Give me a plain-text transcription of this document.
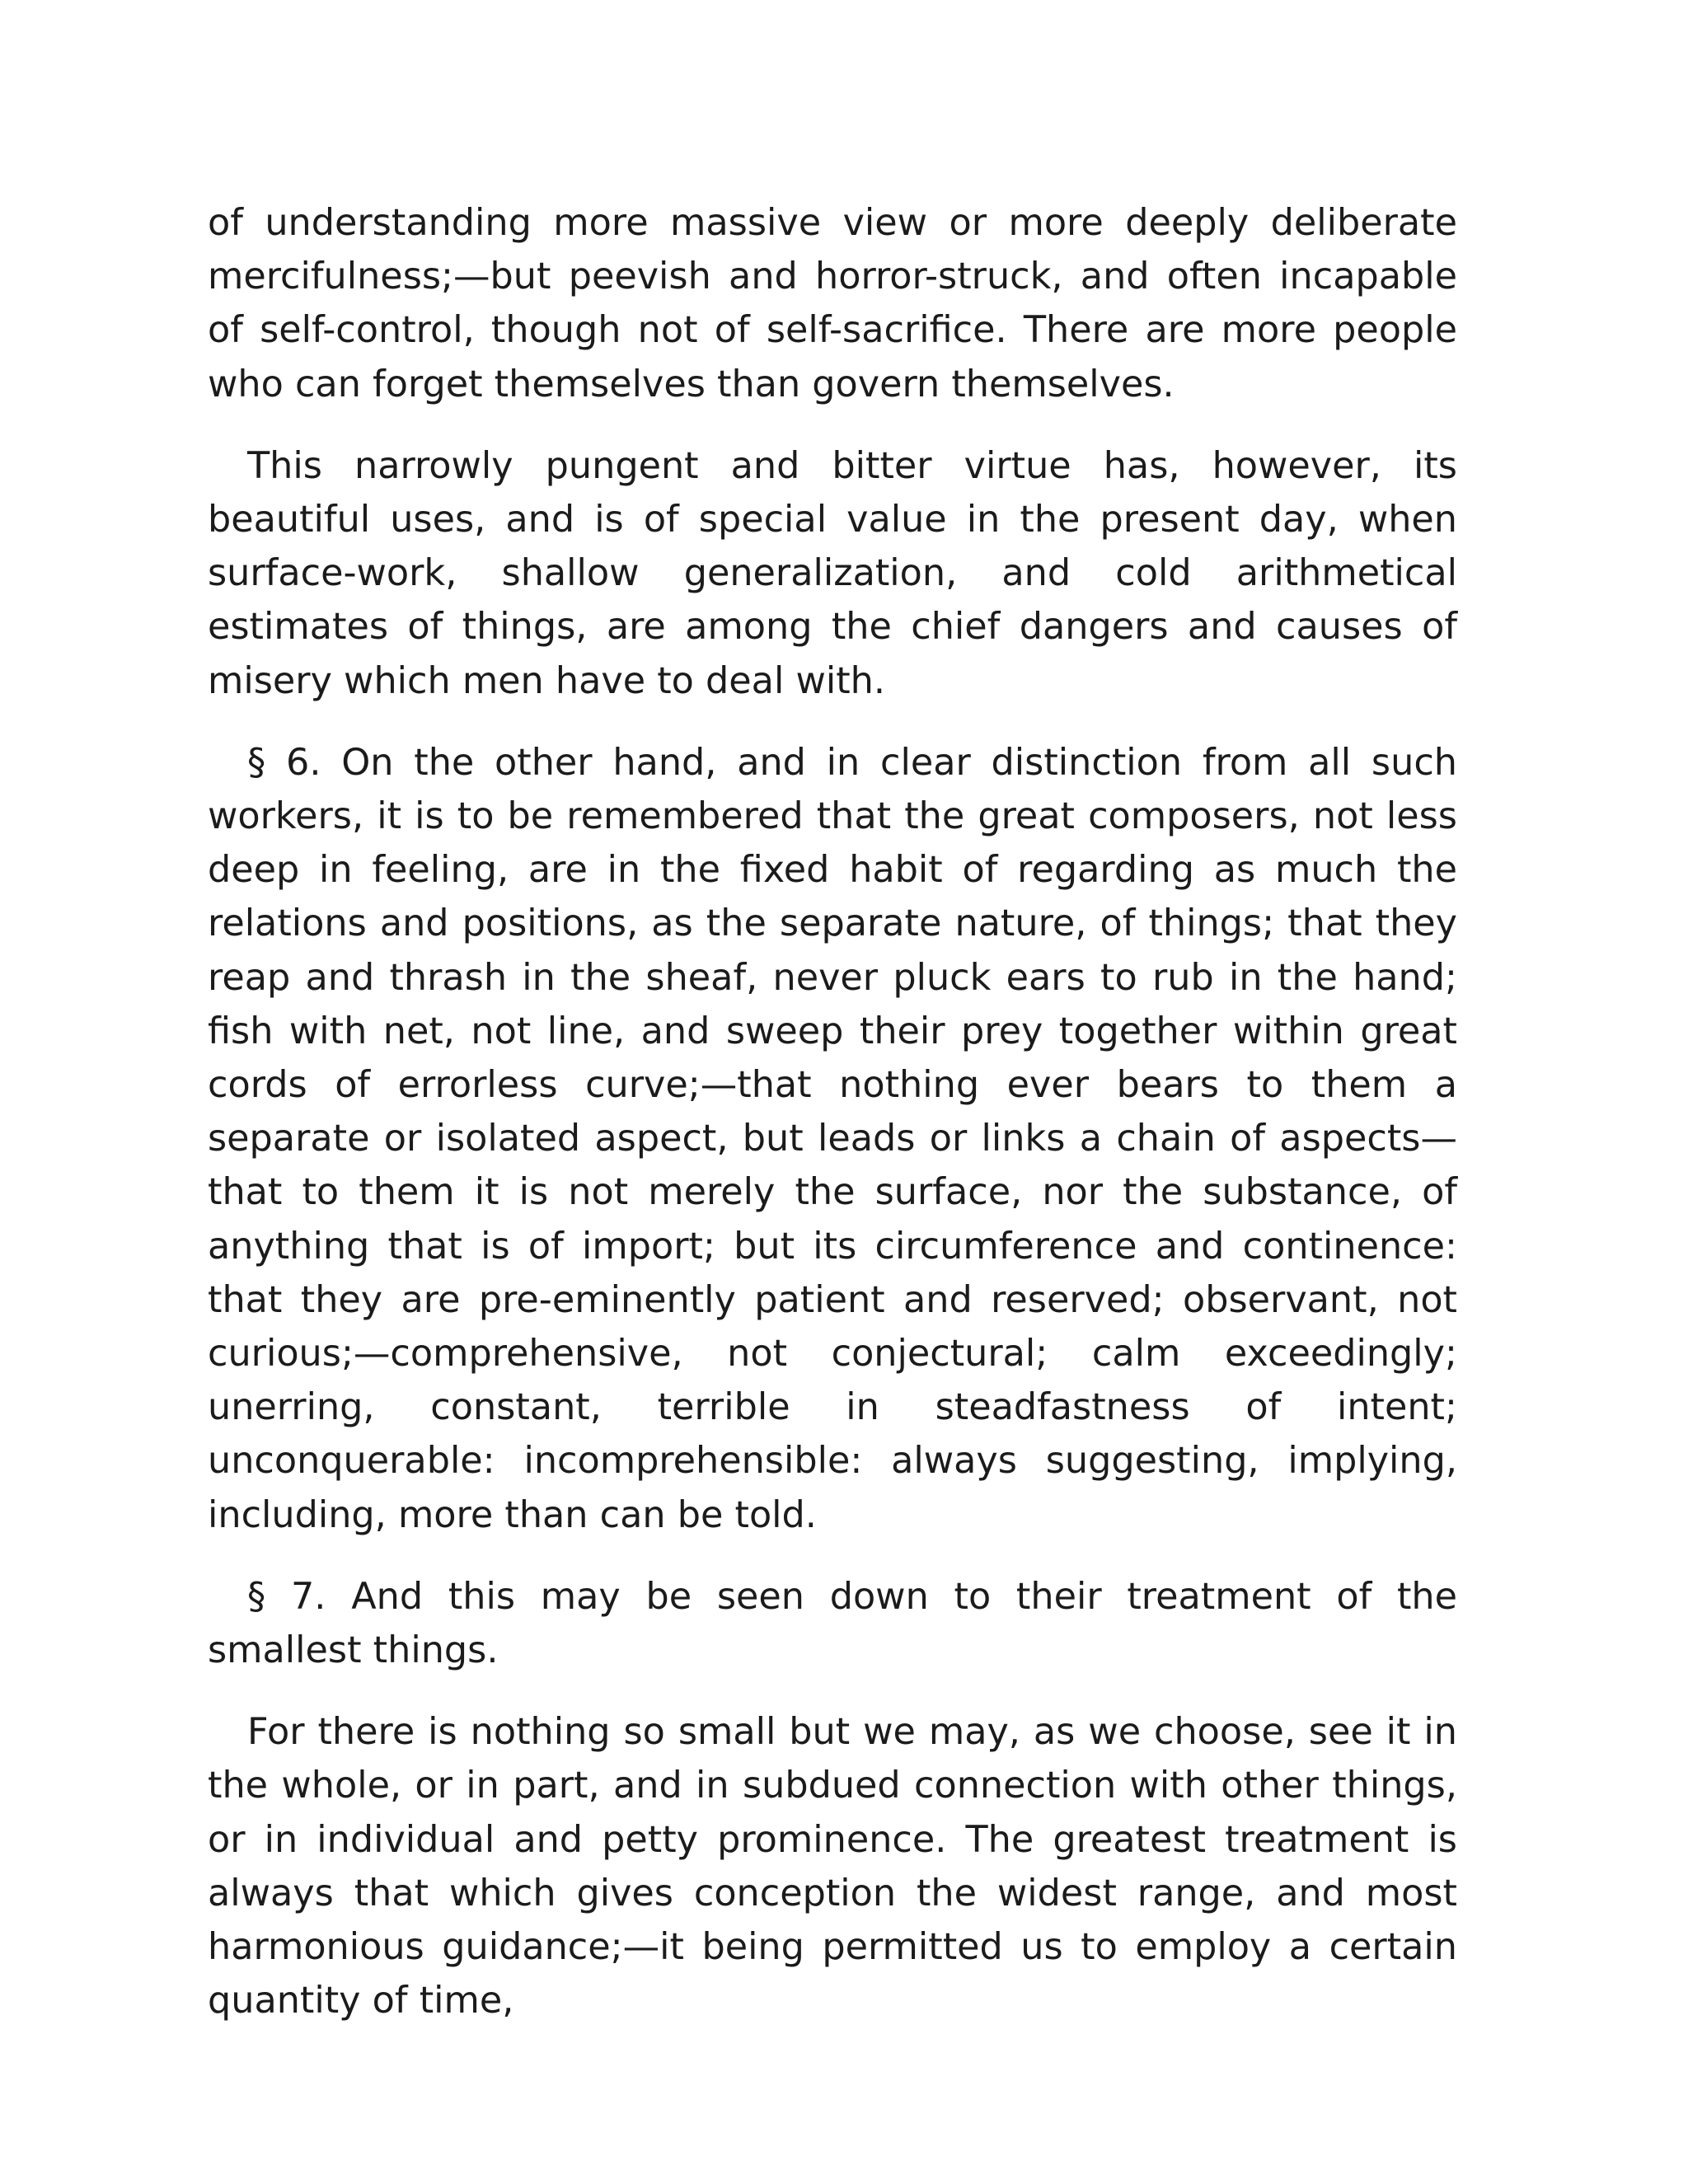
of understanding more massive view or more deeply deliberate mercifulness;—but peevish and horror-struck, and often incapable of self-control, though not of self-sacrifice. There are more people who can forget themselves than govern themselves.

This narrowly pungent and bitter virtue has, however, its beautiful uses, and is of special value in the present day, when surface-work, shallow generalization, and cold arithmetical estimates of things, are among the chief dangers and causes of misery which men have to deal with.

§ 6. On the other hand, and in clear distinction from all such workers, it is to be remembered that the great composers, not less deep in feeling, are in the fixed habit of regarding as much the relations and positions, as the separate nature, of things; that they reap and thrash in the sheaf, never pluck ears to rub in the hand; fish with net, not line, and sweep their prey together within great cords of errorless curve;—that nothing ever bears to them a separate or isolated aspect, but leads or links a chain of aspects—that to them it is not merely the surface, nor the substance, of anything that is of import; but its circumference and continence: that they are pre-eminently patient and reserved; observant, not curious;—comprehensive, not conjectural; calm exceedingly; unerring, constant, terrible in steadfastness of intent; unconquerable: incomprehensible: always suggesting, implying, including, more than can be told.

§ 7. And this may be seen down to their treatment of the smallest things.

For there is nothing so small but we may, as we choose, see it in the whole, or in part, and in subdued connection with other things, or in individual and petty prominence. The greatest treatment is always that which gives conception the widest range, and most harmonious guidance;—it being permitted us to employ a certain quantity of time,
